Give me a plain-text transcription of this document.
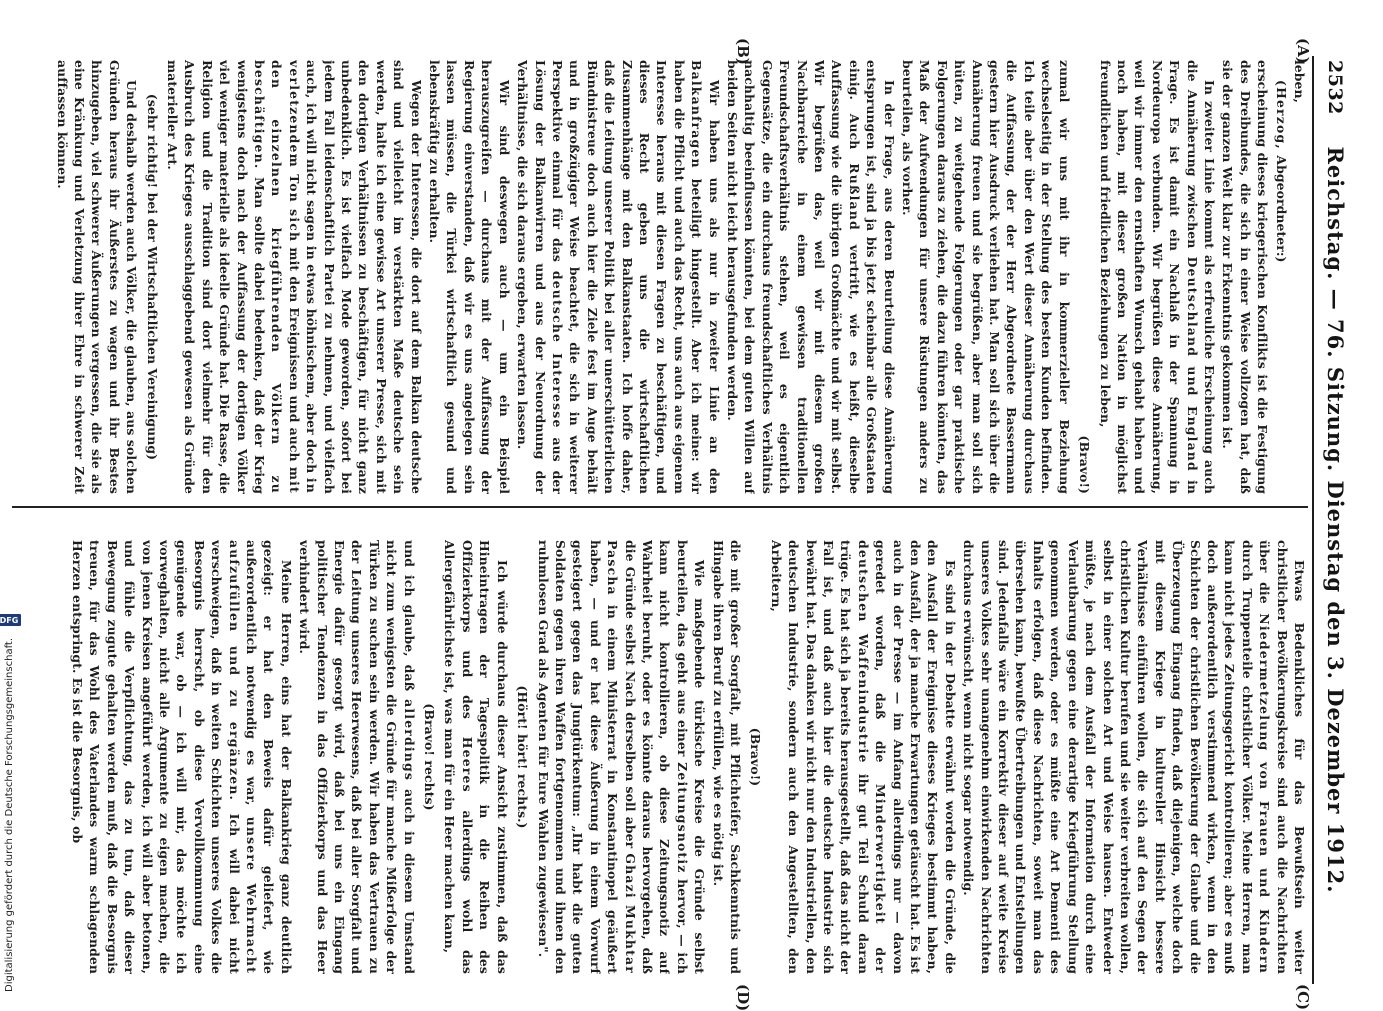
2532
Reichstag. — 76. Sitzung. Dienstag den 3. Dezember 1912.
(A)
(B)
(C)
(D)

leben,

(Herzog, Abgeordneter:)

erscheinung dieses kriegerischen Konflikts ist die Festigung des Dreibundes, die sich in einer Weise vollzogen hat, daß sie der ganzen Welt klar zur Erkenntnis gekommen ist.

In zweiter Linie kommt als erfreuliche Erscheinung auch die Annäherung zwischen Deutschland und England in Frage. Es ist damit ein Nachlaß in der Spannung in Nordeuropa verbunden. Wir begrüßen diese Annäherung, weil wir immer den ernsthaften Wunsch gehabt haben und noch haben, mit dieser großen Nation in möglichst freundlichen und friedlichen Beziehungen zu leben,

(Bravo!)

zumal wir uns mit ihr in kommerzieller Beziehung wechselseitig in der Stellung des besten Kunden befinden. Ich teile aber über den Wert dieser Annäherung durchaus die Auffassung, der der Herr Abgeordnete Bassermann gestern hier Ausdruck verliehen hat. Man soll sich über die Annäherung freuen und sie begrüßen, aber man soll sich hüten, zu weitgehende Folgerungen oder gar praktische Folgerungen daraus zu ziehen, die dazu führen könnten, das Maß der Aufwendungen für unsere Rüstungen anders zu beurteilen, als vorher.

In der Frage, aus deren Beurteilung diese Annäherung entsprungen ist, sind ja bis jetzt scheinbar alle Großstaaten einig. Auch Rußland vertritt, wie es heißt, dieselbe Auffassung wie die übrigen Großmächte und wir mit selbst. Wir begrüßen das, weil wir mit diesem großen Nachbarreiche in einem gewissen traditionellen Freundschaftsverhältnis stehen, weil es eigentlich Gegensätze, die ein durchaus freundschaftliches Verhältnis nachhaltig beeinflussen könnten, bei dem guten Willen auf beiden Seiten nicht leicht herausgefunden werden.

Wir haben uns als nur in zweiter Linie an den Balkanfragen beteiligt hingestellt. Aber ich meine: wir haben die Pflicht und auch das Recht, uns auch aus eigenem Interesse heraus mit diesen Fragen zu beschäftigen, und dieses Recht geben uns die wirtschaftlichen Zusammenhänge mit den Balkanstaaten. Ich hoffe daher, daß die Leitung unserer Politik bei aller unerschütterlichen Bündnistreue doch auch hier die Ziele fest im Auge behält und in großzügiger Weise beachtet, die sich in weiterer Perspektive einmal für das deutsche Interesse aus der Lösung der Balkanwirren und aus der Neuordnung der Verhältnisse, die sich daraus ergeben, erwarten lassen.

Wir sind deswegen auch — um ein Beispiel herauszugreifen — durchaus mit der Auffassung der Regierung einverstanden, daß wir es uns angelegen sein lassen müssen, die Türkei wirtschaftlich gesund und lebenskräftig zu erhalten.

Wegen der Interessen, die dort auf dem Balkan deutsche sind und vielleicht im verstärkten Maße deutsche sein werden, halte ich eine gewisse Art unserer Presse, sich mit den dortigen Verhältnissen zu beschäftigen, für nicht ganz unbedenklich. Es ist vielfach Mode geworden, sofort bei jedem Fall leidenschaftlich Partei zu nehmen, und vielfach auch, ich will nicht sagen in etwas höhnischem, aber doch in verletzendem Ton sich mit den Ereignissen und auch mit den einzelnen kriegführenden Völkern zu beschäftigen. Man sollte dabei bedenken, daß der Krieg wenigstens doch nach der Auffassung der dortigen Völker viel weniger materielle als ideelle Gründe hat. Die Rasse, die Religion und die Tradition sind dort vielmehr für den Ausbruch des Krieges ausschlaggebend gewesen als Gründe materieller Art.

(sehr richtig! bei der Wirtschaftlichen Vereinigung)

Und deshalb werden auch Völker, die glauben, aus solchen Gründen heraus ihr Äußerstes zu wagen und ihr Bestes hinzugeben, viel schwerer Äußerungen vergessen, die sie als eine Kränkung und Verletzung ihrer Ehre in schwerer Zeit auffassen können.

Etwas Bedenkliches für das Bewußtsein weiter christlicher Bevölkerungskreise sind auch die Nachrichten über die Niedermetzelung von Frauen und Kindern durch Truppenteile christlicher Völker. Meine Herren, man kann nicht jedes Zeitungsgericht kontrollieren; aber es muß doch außerordentlich verstimmend wirken, wenn in den Schichten der christlichen Bevölkerung der Glaube und die Überzeugung Eingang finden, daß diejenigen, welche doch mit diesem Kriege in kultureller Hinsicht bessere Verhältnisse einführen wollen, die sich auf den Segen der christlichen Kultur berufen und sie weiter verbreiten wollen, selbst in einer solchen Art und Weise hausen. Entweder müßte, je nach dem Ausfall der Information durch eine Verlautbarung gegen eine derartige Kriegführung Stellung genommen werden, oder es müßte eine Art Dementi des Inhalts erfolgen, daß diese Nachrichten, soweit man das übersehen kann, bewußte Übertreibungen und Entstellungen sind. Jedenfalls wäre ein Korrektiv dieser auf weite Kreise unseres Volkes sehr unangenehm einwirkenden Nachrichten durchaus erwünscht, wenn nicht sogar notwendig.

Es sind in der Debatte erwähnt worden die Gründe, die den Ausfall der Ereignisse dieses Krieges bestimmt haben, den Ausfall, der ja manche Erwartungen getäuscht hat. Es ist auch in der Presse — im Anfang allerdings nur — davon geredet worden, daß die Minderwertigkeit der deutschen Waffenindustrie ihr gut Teil Schuld daran trüge. Es hat sich ja bereits herausgestellt, daß das nicht der Fall ist, und daß auch hier die deutsche Industrie sich bewährt hat. Das danken wir nicht nur den Industriellen, den deutschen Industrie, sondern auch den Angestellten, den Arbeitern,

(Bravo!)

die mit großer Sorgfalt, mit Pflichteifer, Sachkenntnis und Hingabe ihren Beruf zu erfüllen, wie es nötig ist.

Wie maßgebende türkische Kreise die Gründe selbst beurteilen, das geht aus einer Zeitungsnotiz hervor, — ich kann nicht kontrollieren, ob diese Zeitungsnotiz auf Wahrheit beruht, oder es könnte daraus hervorgehen, daß die Gründe selbst Nach derselben soll aber Ghazi Mukhtar Pascha in einem Ministerrat in Konstantinopel geäußert haben, — und er hat diese Äußerung in einem Vorwurf gesteigert gegen das Jungtürkentum: „Ihr habt die guten Soldaten gegen ihren Waffen fortgenommen und ihnen den ruhmlosen Grad als Agenten für Eure Wahlen zugewiesen".

(Hört! hört! rechts.)

Ich würde durchaus dieser Ansicht zustimmen, daß das Hineintragen der Tagespolitik in die Reihen des Offizierkorps und des Heeres allerdings wohl das Allergefährlichste ist, was man für ein Heer machen kann,

(Bravo! rechts)

und ich glaube, daß allerdings auch in diesem Umstand nicht zum wenigsten die Gründe für manche Mißerfolge der Türken zu suchen sein werden. Wir haben das Vertrauen zu der Leitung unseres Heerwesens, daß bei aller Sorgfalt und Energie dafür gesorgt wird, daß bei uns ein Eingang politischer Tendenzen in das Offizierkorps und das Heer verhindert wird.

Meine Herren, eins hat der Balkankrieg ganz deutlich gezeigt: er hat den Beweis dafür geliefert, wie außerordentlich notwendig es war, unsere Wehrmacht aufzufüllen und zu ergänzen. Ich will dabei nicht verschweigen, daß in weiten Schichten unseres Volkes die Besorgnis herrscht, ob diese Vervollkommnung eine genügende war, ob — ich will mir, das möchte ich vorweghalten, nicht alle Argumente zu eigen machen, die von jenen Kreisen angeführt werden, ich will aber betonen, und fühle die Verpflichtung, das zu tun, daß dieser Bewegung zugute gehalten werden muß, daß die Besorgnis treuen, für das Wohl des Vaterlandes warm schlagenden Herzen entspringt. Es ist die Besorgnis, ob

Digitalisierung gefördert durch die Deutsche Forschungsgemeinschaft.
DFG
